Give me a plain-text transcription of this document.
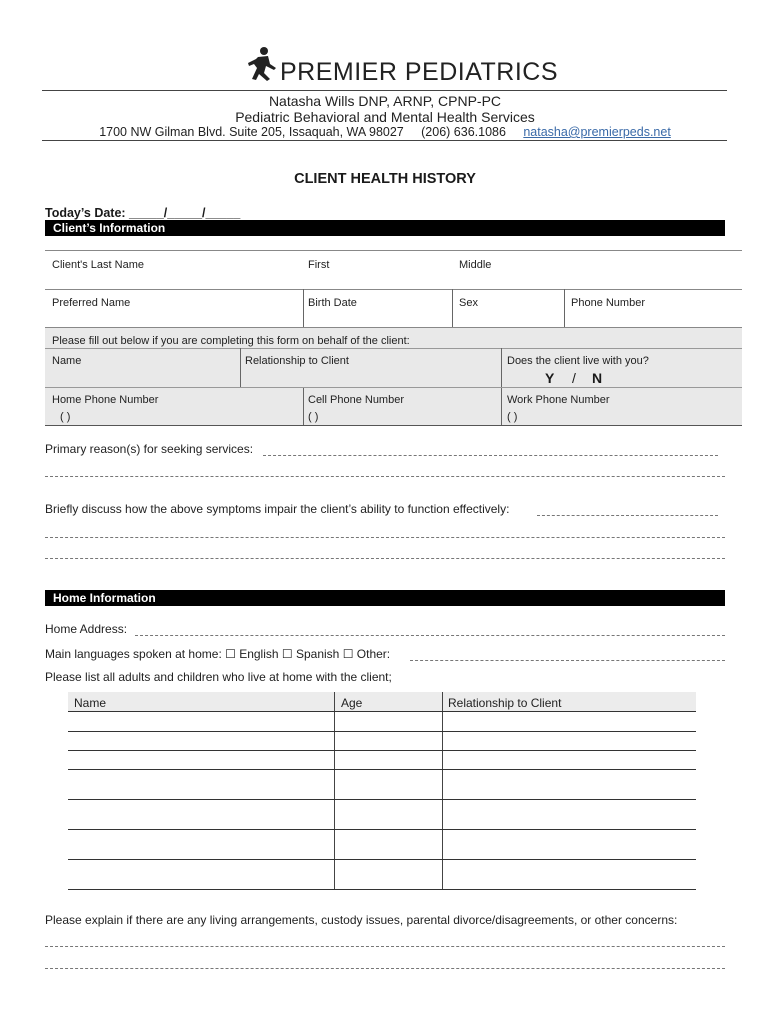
PREMIER PEDIATRICS
Natasha Wills DNP, ARNP, CPNP-PC
Pediatric Behavioral and Mental Health Services
1700 NW Gilman Blvd. Suite 205, Issaquah, WA 98027 (206) 636.1086 natasha@premierpeds.net
CLIENT HEALTH HISTORY
Today’s Date: _____/_____/_____
Client’s Information
Client's Last Name	First	Middle
Preferred Name	Birth Date	Sex	Phone Number
Please fill out below if you are completing this form on behalf of the client:
Name	Relationship to Client	Does the client live with you?
Y / N
Home Phone Number	Cell Phone Number	Work Phone Number
( )	( )	( )
Primary reason(s) for seeking services:
Briefly discuss how the above symptoms impair the client’s ability to function effectively:
Home Information
Home Address:
Main languages spoken at home: ☐ English ☐ Spanish ☐ Other:
Please list all adults and children who live at home with the client;
Name	Age	Relationship to Client
Please explain if there are any living arrangements, custody issues, parental divorce/disagreements, or other concerns:
